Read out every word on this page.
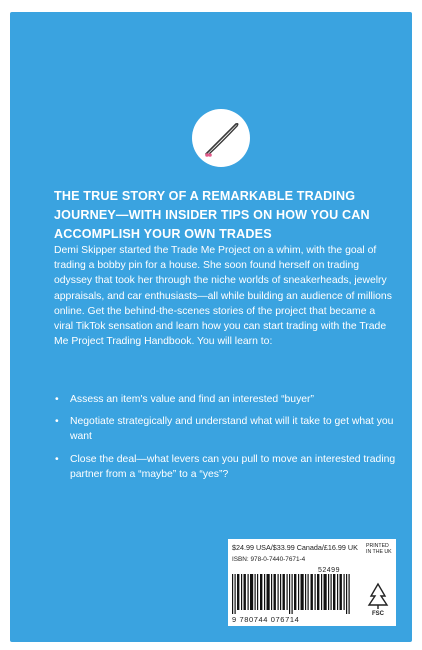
THE TRUE STORY OF A REMARKABLE TRADING JOURNEY—WITH INSIDER TIPS ON HOW YOU CAN ACCOMPLISH YOUR OWN TRADES

Demi Skipper started the Trade Me Project on a whim, with the goal of trading a bobby pin for a house. She soon found herself on trading odyssey that took her through the niche worlds of sneakerheads, jewelry appraisals, and car enthusiasts—all while building an audience of millions online. Get the behind-the-scenes stories of the project that became a viral TikTok sensation and learn how you can start trading with the Trade Me Project Trading Handbook. You will learn to:

• Assess an item's value and find an interested “buyer”
• Negotiate strategically and understand what will it take to get what you want
• Close the deal—what levers can you pull to move an interested trading partner from a “maybe” to a “yes”?
$24.99 USA/$33.99 Canada/£16.99 UK PRINTED IN THE UK
ISBN: 978-0-7440-7671-4
52499
9 780744 076714
FSC
